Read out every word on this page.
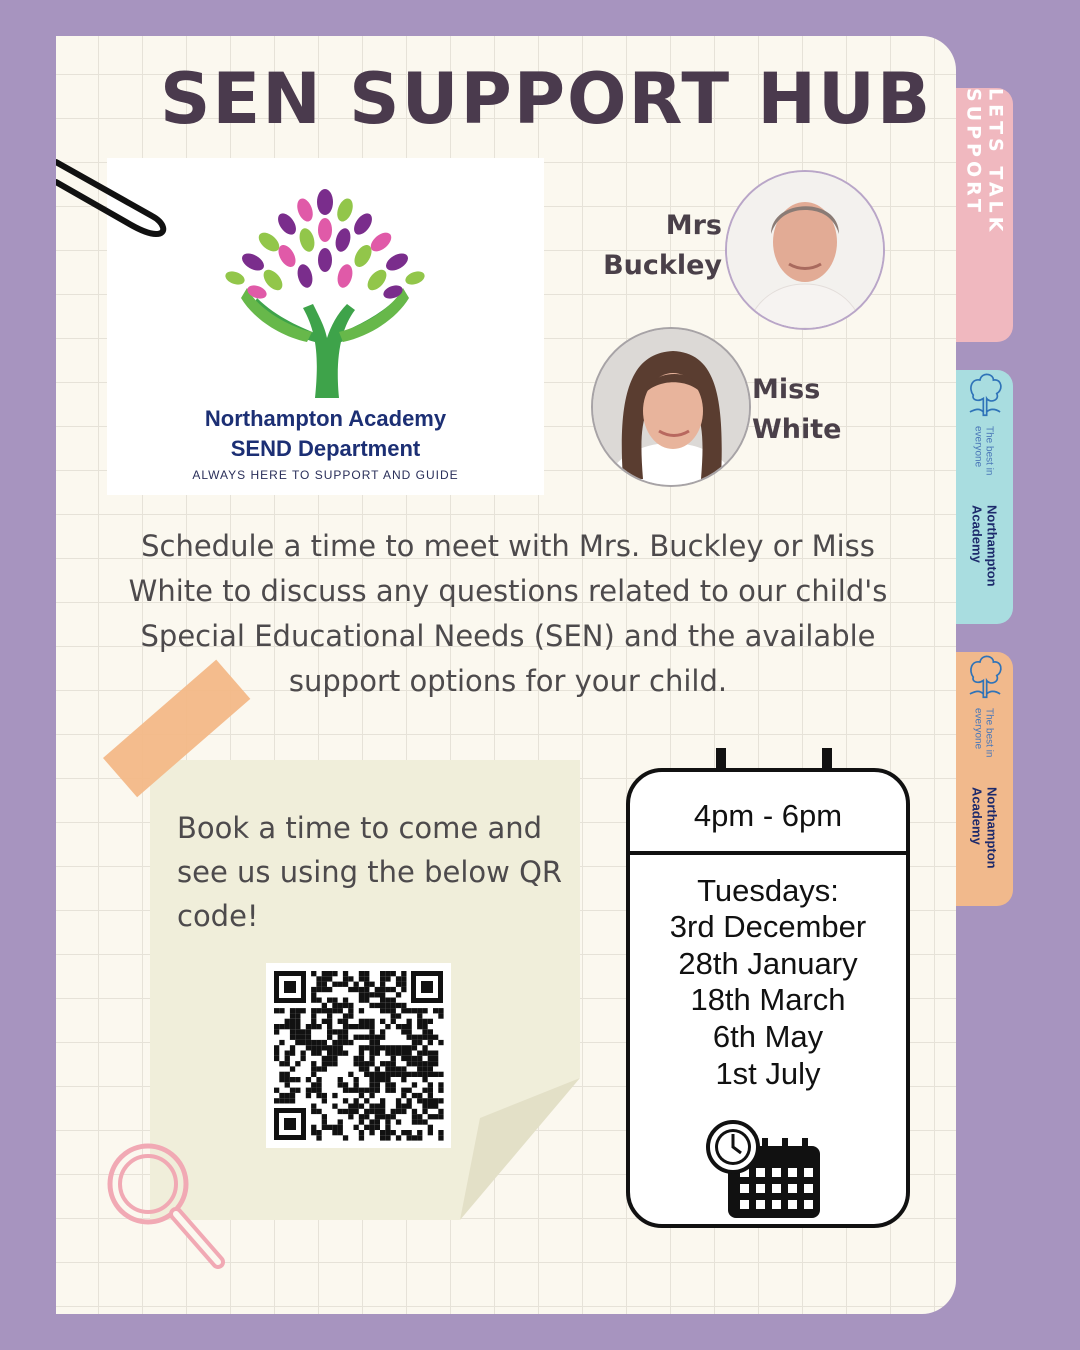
LETS TALK SUPPORT
The best in everyone
Northampton Academy
The best in everyone
Northampton Academy
SEN SUPPORT HUB
Northampton Academy
SEND Department
ALWAYS HERE TO SUPPORT AND GUIDE
Mrs
Buckley
Miss
White
Schedule a time to meet with Mrs. Buckley or Miss White to discuss any questions related to our child's Special Educational Needs (SEN) and the available support options for your child.
Book a time to come and see us using the below QR code!
4pm - 6pm
Tuesdays:
3rd December
28th January
18th March
6th May
1st July
